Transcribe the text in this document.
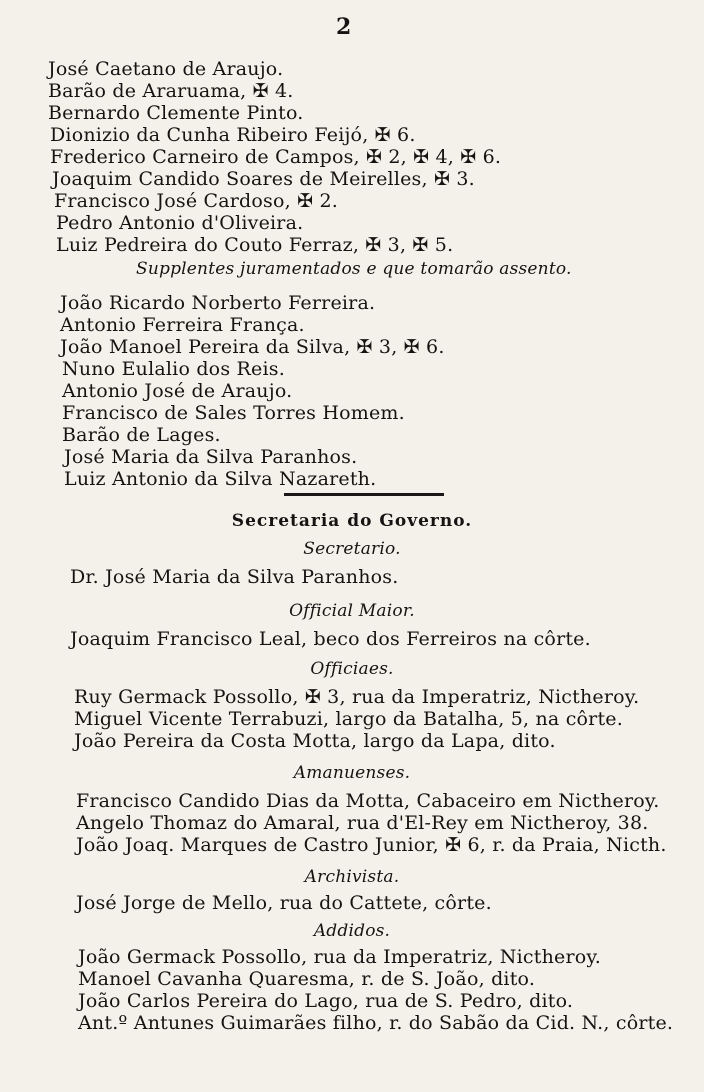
2
José Caetano de Araujo.
Barão de Araruama, ✠ 4.
Bernardo Clemente Pinto.
Dionizio da Cunha Ribeiro Feijó, ✠ 6.
Frederico Carneiro de Campos, ✠ 2, ✠ 4, ✠ 6.
Joaquim Candido Soares de Meirelles, ✠ 3.
Francisco José Cardoso, ✠ 2.
Pedro Antonio d'Oliveira.
Luiz Pedreira do Couto Ferraz, ✠ 3, ✠ 5.
Supplentes juramentados e que tomarão assento.
João Ricardo Norberto Ferreira.
Antonio Ferreira França.
João Manoel Pereira da Silva, ✠ 3, ✠ 6.
Nuno Eulalio dos Reis.
Antonio José de Araujo.
Francisco de Sales Torres Homem.
Barão de Lages.
José Maria da Silva Paranhos.
Luiz Antonio da Silva Nazareth.
Secretaria do Governo.
Secretario.
Dr. José Maria da Silva Paranhos.
Official Maior.
Joaquim Francisco Leal, beco dos Ferreiros na côrte.
Officiaes.
Ruy Germack Possollo, ✠ 3, rua da Imperatriz, Nictheroy.
Miguel Vicente Terrabuzi, largo da Batalha, 5, na côrte.
João Pereira da Costa Motta, largo da Lapa, dito.
Amanuenses.
Francisco Candido Dias da Motta, Cabaceiro em Nictheroy.
Angelo Thomaz do Amaral, rua d'El-Rey em Nictheroy, 38.
João Joaq. Marques de Castro Junior, ✠ 6, r. da Praia, Nicth.
Archivista.
José Jorge de Mello, rua do Cattete, côrte.
Addidos.
João Germack Possollo, rua da Imperatriz, Nictheroy.
Manoel Cavanha Quaresma, r. de S. João, dito.
João Carlos Pereira do Lago, rua de S. Pedro, dito.
Ant.º Antunes Guimarães filho, r. do Sabão da Cid. N., côrte.
